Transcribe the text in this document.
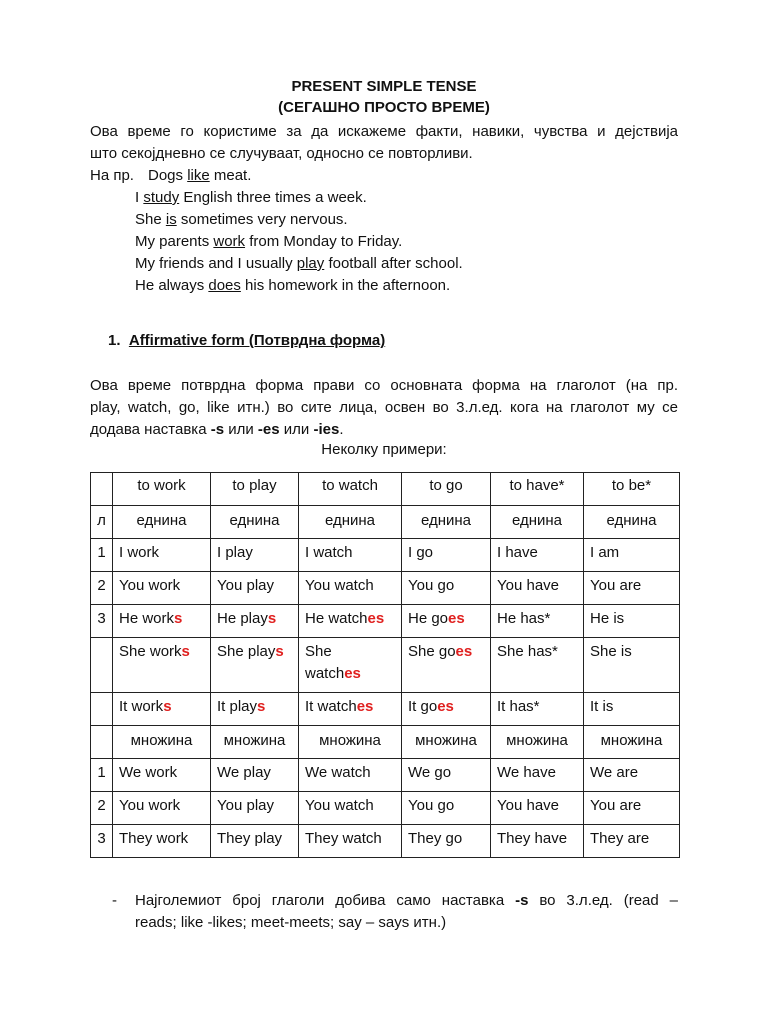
PRESENT SIMPLE TENSE
(СЕГАШНО ПРОСТО ВРЕМЕ)
Ова време го користиме за да искажеме факти, навики, чувства и дејствија
што секојдневно се случуваат, односно се повторливи.
На пр. Dogs like meat.
I study English three times a week.
She is sometimes very nervous.
My parents work from Monday to Friday.
My friends and I usually play football after school.
He always does his homework in the afternoon.
1. Affirmative form (Потврдна форма)
Ова време потврдна форма прави со основната форма на глаголот (на пр.
play, watch, go, like итн.) во сите лица, освен во 3.л.ед. кога на глаголот му се
додава наставка -s или -es или -ies.
Неколку примери:
	to work	to play	to watch	to go	to have*	to be*
л	еднина	еднина	еднина	еднина	еднина	еднина
1	I work	I play	I watch	I go	I have	I am
2	You work	You play	You watch	You go	You have	You are
3	He works	He plays	He watches	He goes	He has*	He is
	She works	She plays	She
watches	She goes	She has*	She is
	It works	It plays	It watches	It goes	It has*	It is
	множина	множина	множина	множина	множина	множина
1	We work	We play	We watch	We go	We have	We are
2	You work	You play	You watch	You go	You have	You are
3	They work	They play	They watch	They go	They have	They are
- Најголемиот број глаголи добива само наставка -s во 3.л.ед. (read –
reads; like -likes; meet-meets; say – says итн.)
